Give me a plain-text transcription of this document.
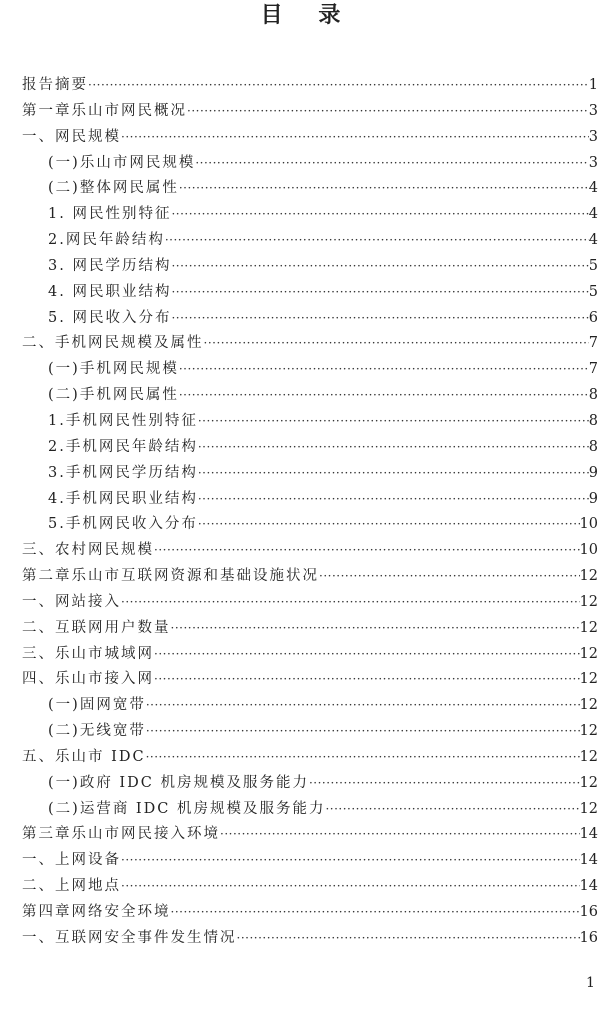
目 录
报告摘要 ·····	1
第一章乐山市网民概况 ·····	3
一、网民规模 ·····	3
(一)乐山市网民规模 ·····	3
(二)整体网民属性 ·····	4
1. 网民性别特征 ·····	4
2.网民年龄结构 ·····	4
3. 网民学历结构 ·····	5
4. 网民职业结构 ·····	5
5. 网民收入分布 ·····	6
二、手机网民规模及属性 ·····	7
(一)手机网民规模 ·····	7
(二)手机网民属性 ·····	8
1.手机网民性别特征 ·····	8
2.手机网民年龄结构 ·····	8
3.手机网民学历结构 ·····	9
4.手机网民职业结构 ·····	9
5.手机网民收入分布 ·····	10
三、农村网民规模 ·····	10
第二章乐山市互联网资源和基础设施状况 ·····	12
一、网站接入 ·····	12
二、互联网用户数量 ·····	12
三、乐山市城域网 ·····	12
四、乐山市接入网 ·····	12
(一)固网宽带 ·····	12
(二)无线宽带 ·····	12
五、乐山市 IDC ·····	12
(一)政府 IDC 机房规模及服务能力 ·····	12
(二)运营商 IDC 机房规模及服务能力 ·····	12
第三章乐山市网民接入环境 ·····	14
一、上网设备 ·····	14
二、上网地点 ·····	14
第四章网络安全环境 ·····	16
一、互联网安全事件发生情况 ·····	16
1
